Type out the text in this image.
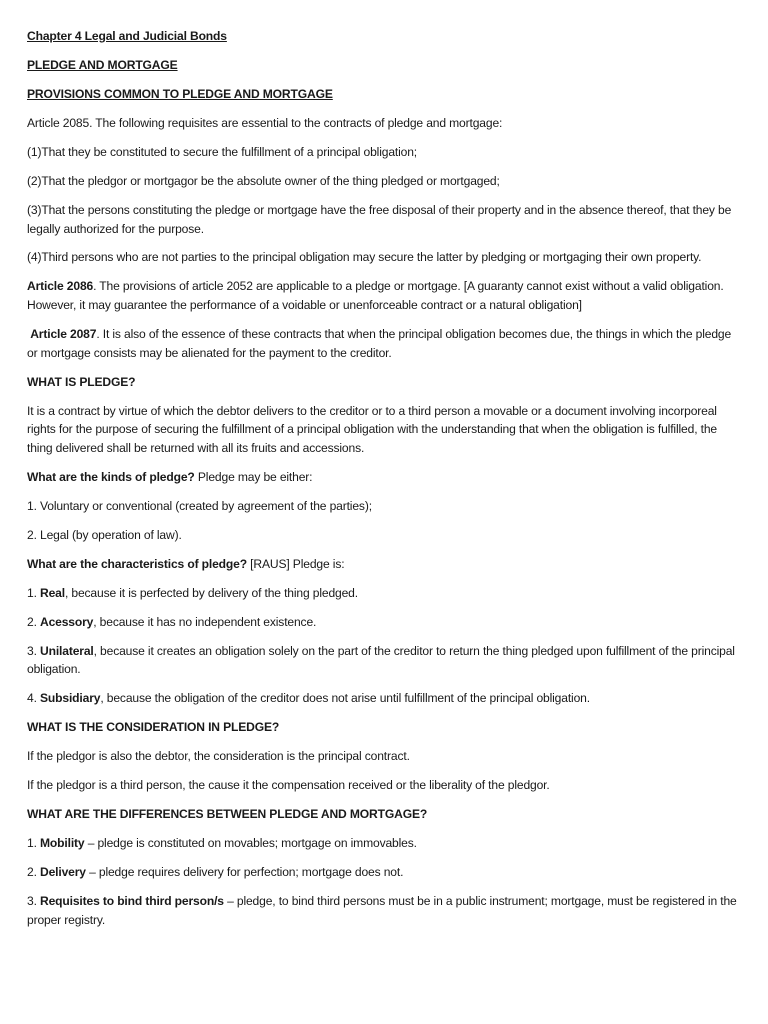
Chapter 4 Legal and Judicial Bonds

PLEDGE AND MORTGAGE

PROVISIONS COMMON TO PLEDGE AND MORTGAGE

Article 2085. The following requisites are essential to the contracts of pledge and mortgage:

(1)That they be constituted to secure the fulfillment of a principal obligation;

(2)That the pledgor or mortgagor be the absolute owner of the thing pledged or mortgaged;

(3)That the persons constituting the pledge or mortgage have the free disposal of their property and in the absence thereof, that they be legally authorized for the purpose.

(4)Third persons who are not parties to the principal obligation may secure the latter by pledging or mortgaging their own property.

Article 2086. The provisions of article 2052 are applicable to a pledge or mortgage. [A guaranty cannot exist without a valid obligation. However, it may guarantee the performance of a voidable or unenforceable contract or a natural obligation]

Article 2087. It is also of the essence of these contracts that when the principal obligation becomes due, the things in which the pledge or mortgage consists may be alienated for the payment to the creditor.

WHAT IS PLEDGE?

It is a contract by virtue of which the debtor delivers to the creditor or to a third person a movable or a document involving incorporeal rights for the purpose of securing the fulfillment of a principal obligation with the understanding that when the obligation is fulfilled, the thing delivered shall be returned with all its fruits and accessions.

What are the kinds of pledge? Pledge may be either:

1. Voluntary or conventional (created by agreement of the parties);

2. Legal (by operation of law).

What are the characteristics of pledge? [RAUS] Pledge is:

1. Real, because it is perfected by delivery of the thing pledged.

2. Acessory, because it has no independent existence.

3. Unilateral, because it creates an obligation solely on the part of the creditor to return the thing pledged upon fulfillment of the principal obligation.

4. Subsidiary, because the obligation of the creditor does not arise until fulfillment of the principal obligation.

WHAT IS THE CONSIDERATION IN PLEDGE?

If the pledgor is also the debtor, the consideration is the principal contract.

If the pledgor is a third person, the cause it the compensation received or the liberality of the pledgor.

WHAT ARE THE DIFFERENCES BETWEEN PLEDGE AND MORTGAGE?

1. Mobility – pledge is constituted on movables; mortgage on immovables.

2. Delivery – pledge requires delivery for perfection; mortgage does not.

3. Requisites to bind third person/s – pledge, to bind third persons must be in a public instrument; mortgage, must be registered in the proper registry.
